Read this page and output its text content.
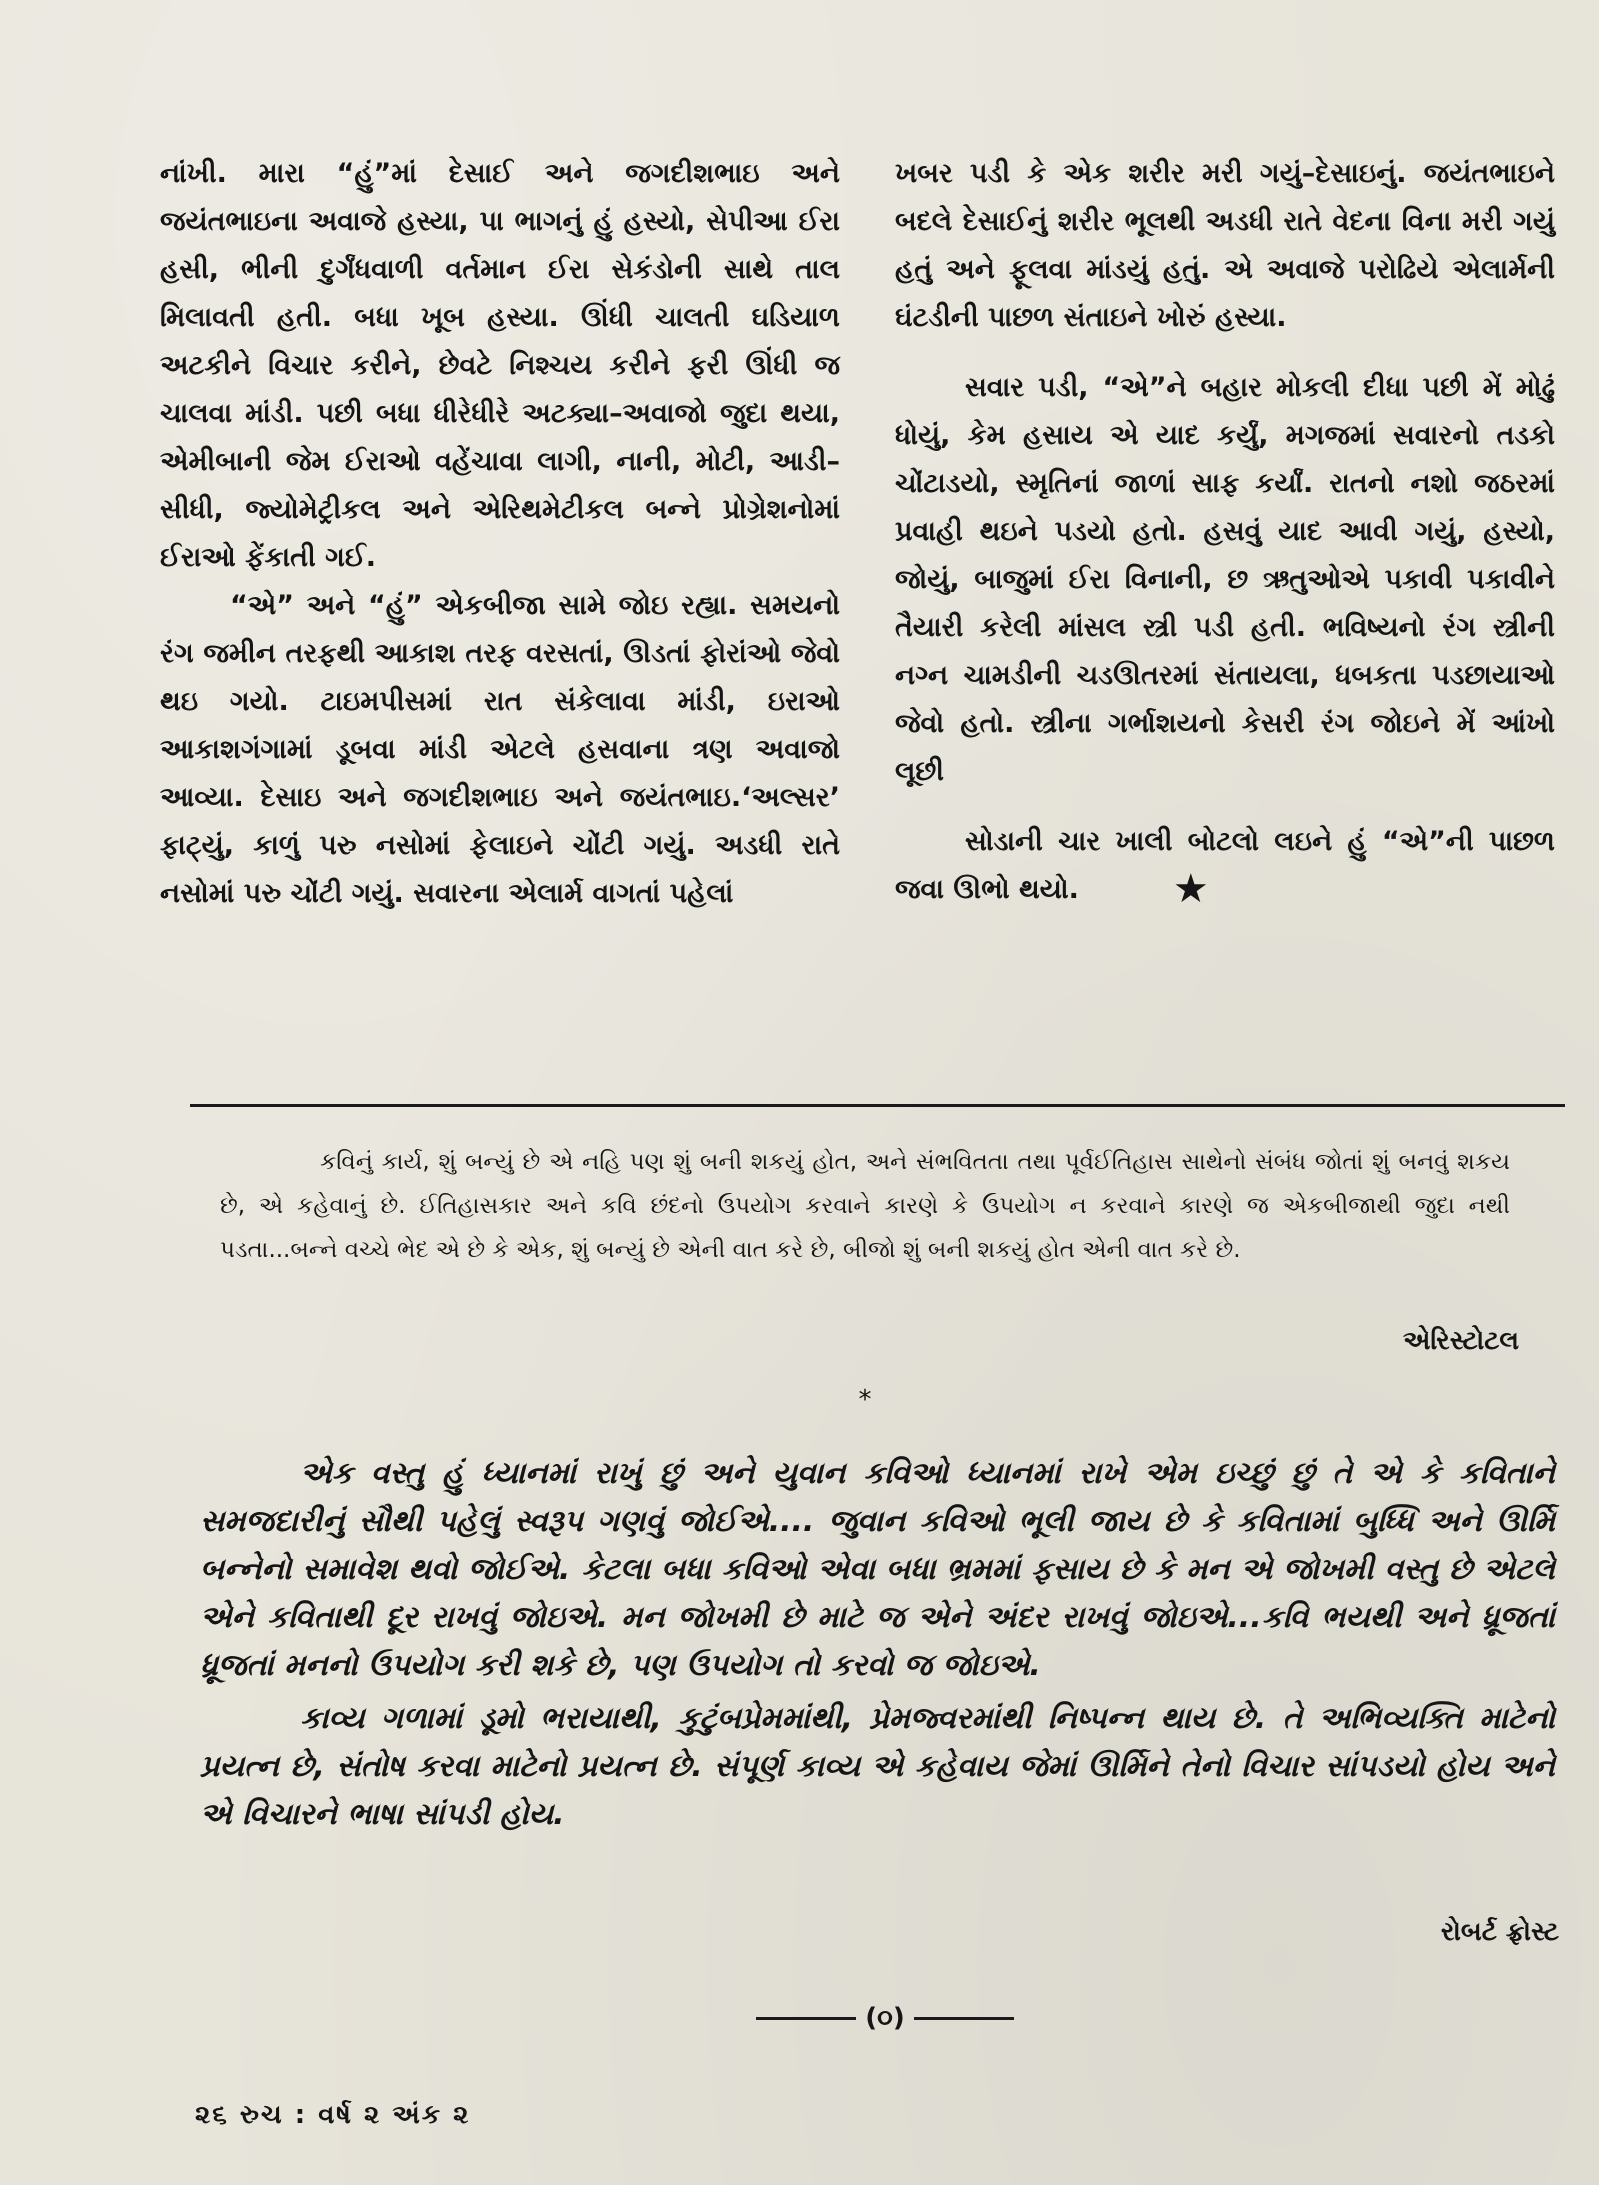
નાંખી. મારા “હું”માં દેસાઈ અને જગદીશભાઇ અને જયંતભાઇના અવાજે હસ્યા, પા ભાગનું હું હસ્યો, સેપીઆ ઈરા હસી, ભીની દુર્ગંધવાળી વર્તમાન ઈરા સેકંડોની સાથે તાલ મિલાવતી હતી. બધા ખૂબ હસ્યા. ઊંધી ચાલતી ઘડિયાળ અટકીને વિચાર કરીને, છેવટે નિશ્ચય કરીને ફરી ઊંધી જ ચાલવા માંડી. પછી બધા ધીરેધીરે અટક્યા–અવાજો જુદા થયા, એમીબાની જેમ ઈરાઓ વહેંચાવા લાગી, નાની, મોટી, આડી–સીધી, જ્યોમેટ્રીકલ અને એરિથમેટીકલ બન્ને પ્રોગ્રેશનોમાં ઈરાઓ ફેંકાતી ગઈ.

“એ” અને “હું” એકબીજા સામે જોઇ રહ્યા. સમયનો રંગ જમીન તરફથી આકાશ તરફ વરસતાં, ઊડતાં ફોરાંઓ જેવો થઇ ગયો. ટાઇમપીસમાં રાત સંકેલાવા માંડી, ઇરાઓ આકાશગંગામાં ડૂબવા માંડી એટલે હસવાના ત્રણ અવાજો આવ્યા. દેસાઇ અને જગદીશભાઇ અને જયંતભાઇ.‘અલ્સર’ ફાટ્યું, કાળું પરુ નસોમાં ફેલાઇને ચોંટી ગયું. અડધી રાતે નસોમાં પરુ ચોંટી ગયું. સવારના એલાર્મ વાગતાં પહેલાં

ખબર પડી કે એક શરીર મરી ગયું–દેસાઇનું. જયંતભાઇને બદલે દેસાઈનું શરીર ભૂલથી અડધી રાતે વેદના વિના મરી ગયું હતું અને ફૂલવા માંડયું હતું. એ અવાજે પરોઢિયે એલાર્મની ઘંટડીની પાછળ સંતાઇને ખોરું હસ્યા.

સવાર પડી, “એ”ને બહાર મોકલી દીધા પછી મેં મોઢું ધોયું, કેમ હસાય એ યાદ કર્યું, મગજમાં સવારનો તડકો ચોંટાડયો, સ્મૃતિનાં જાળાં સાફ કર્યાં. રાતનો નશો જઠરમાં પ્રવાહી થઇને પડયો હતો. હસવું યાદ આવી ગયું, હસ્યો, જોયું, બાજુમાં ઈરા વિનાની, છ ઋતુઓએ પકાવી પકાવીને તૈયારી કરેલી માંસલ સ્ત્રી પડી હતી. ભવિષ્યનો રંગ સ્ત્રીની નગ્ન ચામડીની ચડઊતરમાં સંતાયલા, ધબકતા પડછાયાઓ જેવો હતો. સ્ત્રીના ગર્ભાશયનો કેસરી રંગ જોઇને મેં આંખો લૂછી

સોડાની ચાર ખાલી બોટલો લઇને હું “એ”ની પાછળ જવા ઊભો થયો. ★

કવિનું કાર્ય, શું બન્યું છે એ નહિ પણ શું બની શકયું હોત, અને સંભવિતતા તથા પૂર્વઈતિહાસ સાથેનો સંબંધ જોતાં શું બનવું શકય છે, એ કહેવાનું છે. ઈતિહાસકાર અને કવિ છંદનો ઉપયોગ કરવાને કારણે કે ઉપયોગ ન કરવાને કારણે જ એકબીજાથી જુદા નથી પડતા...બન્ને વચ્ચે ભેદ એ છે કે એક, શું બન્યું છે એની વાત કરે છે, બીજો શું બની શકયું હોત એની વાત કરે છે.

એરિસ્ટોટલ
*

એક વસ્તુ હું ધ્યાનમાં રાખું છું અને યુવાન કવિઓ ધ્યાનમાં રાખે એમ ઇચ્છું છું તે એ કે કવિતાને સમજદારીનું સૌથી પહેલું સ્વરૂપ ગણવું જોઈએ.... જુવાન કવિઓ ભૂલી જાય છે કે કવિતામાં બુધ્ધિ અને ઊર્મિ બન્નેનો સમાવેશ થવો જોઈએ. કેટલા બધા કવિઓ એવા બધા ભ્રમમાં ફસાય છે કે મન એ જોખમી વસ્તુ છે એટલે એને કવિતાથી દૂર રાખવું જોઇએ. મન જોખમી છે માટે જ એને અંદર રાખવું જોઇએ...કવિ ભયથી અને ધ્રૂજતાં ધ્રૂજતાં મનનો ઉપયોગ કરી શકે છે, પણ ઉપયોગ તો કરવો જ જોઇએ.

કાવ્ય ગળામાં ડૂમો ભરાયાથી, કુટુંબપ્રેમમાંથી, પ્રેમજ્વરમાંથી નિષ્પન્ન થાય છે. તે અભિવ્યક્તિ માટેનો પ્રયત્ન છે, સંતોષ કરવા માટેનો પ્રયત્ન છે. સંપૂર્ણ કાવ્ય એ કહેવાય જેમાં ઊર્મિને તેનો વિચાર સાંપડયો હોય અને એ વિચારને ભાષા સાંપડી હોય.

રોબર્ટ ફ્રોસ્ટ
(૦)
૨૬ રુચ : વર્ષ ૨ અંક ૨
